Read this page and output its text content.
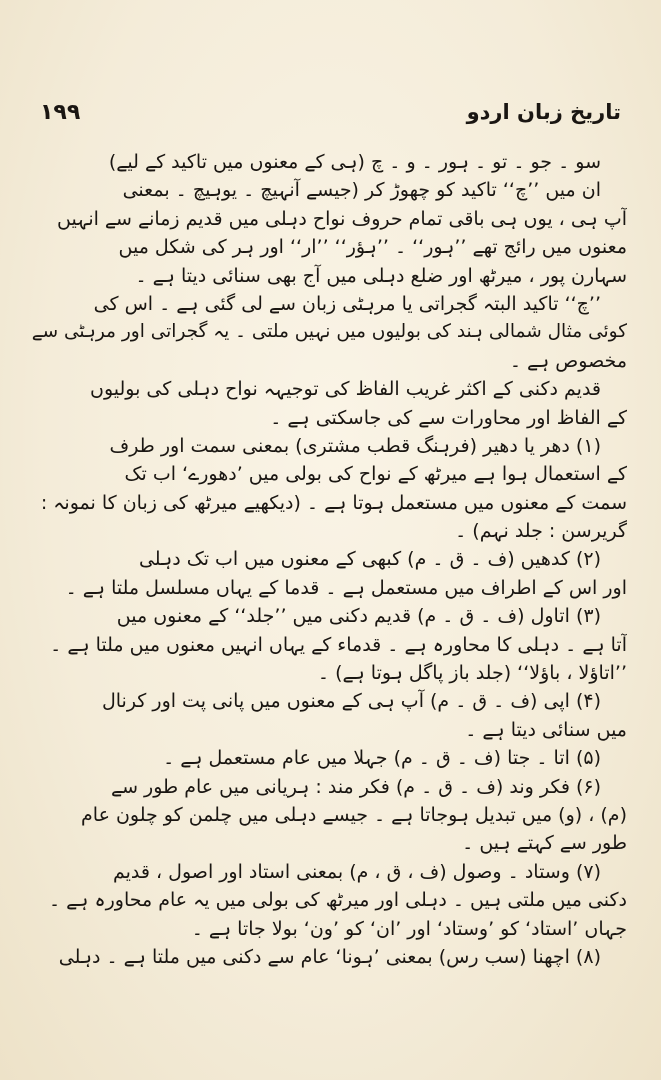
۱۹۹	تاریخ زبان اردو
سو ۔ جو ۔ تو ۔ ہور ۔ و ۔ چ (ہی کے معنوں میں تاکید کے لیے)
ان میں ’’چ‘‘ تاکید کو چھوڑ کر (جیسے آنہیچ ۔ یوہیچ ۔ بمعنی
آپ ہی ، یوں ہی باقی تمام حروف نواح دہلی میں قدیم زمانے سے انہیں
معنوں میں رائج تھے ’’ہور‘‘ ۔ ’’ہؤر‘‘ ’’ار‘‘ اور ہر کی شکل میں
سہارن پور ، میرٹھ اور ضلع دہلی میں آج بھی سنائی دیتا ہے ۔
’’چ‘‘ تاکید البتہ گجراتی یا مرہٹی زبان سے لی گئی ہے ۔ اس کی
کوئی مثال شمالی ہند کی بولیوں میں نہیں ملتی ۔ یہ گجراتی اور مرہٹی سے
مخصوص ہے ۔
قدیم دکنی کے اکثر غریب الفاظ کی توجیہہ نواح دہلی کی بولیوں
کے الفاظ اور محاورات سے کی جاسکتی ہے ۔
(۱) دھر یا دھیر (فرہنگ قطب مشتری) بمعنی سمت اور طرف
کے استعمال ہوا ہے میرٹھ کے نواح کی بولی میں ’دھورے‘ اب تک
سمت کے معنوں میں مستعمل ہوتا ہے ۔ (دیکھیے میرٹھ کی زبان کا نمونہ :
گریرسن : جلد نہم) ۔
(۲) کدھیں (ف ۔ ق ۔ م) کبھی کے معنوں میں اب تک دہلی
اور اس کے اطراف میں مستعمل ہے ۔ قدما کے یہاں مسلسل ملتا ہے ۔
(۳) اتاول (ف ۔ ق ۔ م) قدیم دکنی میں ’’جلد‘‘ کے معنوں میں
آتا ہے ۔ دہلی کا محاورہ ہے ۔ قدماء کے یہاں انہیں معنوں میں ملتا ہے ۔
’’اتاؤلا ، باؤلا‘‘ (جلد باز پاگل ہوتا ہے) ۔
(۴) اپی (ف ۔ ق ۔ م) آپ ہی کے معنوں میں پانی پت اور کرنال
میں سنائی دیتا ہے ۔
(۵) اتا ۔ جتا (ف ۔ ق ۔ م) جہلا میں عام مستعمل ہے ۔
(۶) فکر وند (ف ۔ ق ۔ م) فکر مند : ہریانی میں عام طور سے
(م) ، (و) میں تبدیل ہوجاتا ہے ۔ جیسے دہلی میں چلمن کو چلون عام
طور سے کہتے ہیں ۔
(۷) وستاد ۔ وصول (ف ، ق ، م) بمعنی استاد اور اصول ، قدیم
دکنی میں ملتی ہیں ۔ دہلی اور میرٹھ کی بولی میں یہ عام محاورہ ہے ۔
جہاں ’استاد‘ کو ’وستاد‘ اور ’ان‘ کو ’ون‘ بولا جاتا ہے ۔
(۸) اچھنا (سب رس) بمعنی ’ہونا‘ عام سے دکنی میں ملتا ہے ۔ دہلی
